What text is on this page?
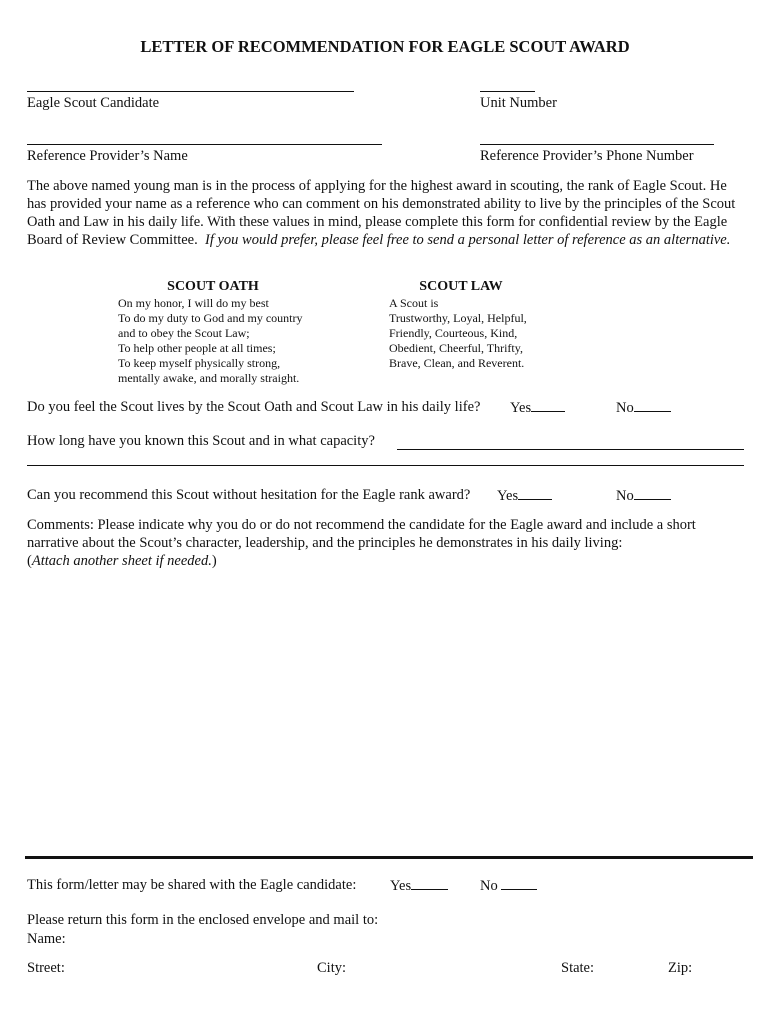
LETTER OF RECOMMENDATION FOR EAGLE SCOUT AWARD
Eagle Scout Candidate	Unit Number
Reference Provider’s Name	Reference Provider’s Phone Number
The above named young man is in the process of applying for the highest award in scouting, the rank of Eagle Scout. He has provided your name as a reference who can comment on his demonstrated ability to live by the principles of the Scout Oath and Law in his daily life. With these values in mind, please complete this form for confidential review by the Eagle Board of Review Committee. If you would prefer, please feel free to send a personal letter of reference as an alternative.
SCOUT OATH
On my honor, I will do my best
To do my duty to God and my country
and to obey the Scout Law;
To help other people at all times;
To keep myself physically strong,
mentally awake, and morally straight.
SCOUT LAW
A Scout is
Trustworthy, Loyal, Helpful,
Friendly, Courteous, Kind,
Obedient, Cheerful, Thrifty,
Brave, Clean, and Reverent.
Do you feel the Scout lives by the Scout Oath and Scout Law in his daily life? Yes	No
How long have you known this Scout and in what capacity?
Can you recommend this Scout without hesitation for the Eagle rank award? Yes	No
Comments: Please indicate why you do or do not recommend the candidate for the Eagle award and include a short narrative about the Scout’s character, leadership, and the principles he demonstrates in his daily living:
(Attach another sheet if needed.)
This form/letter may be shared with the Eagle candidate: Yes	No
Please return this form in the enclosed envelope and mail to:
Name:
Street:	City:	State:	Zip:
